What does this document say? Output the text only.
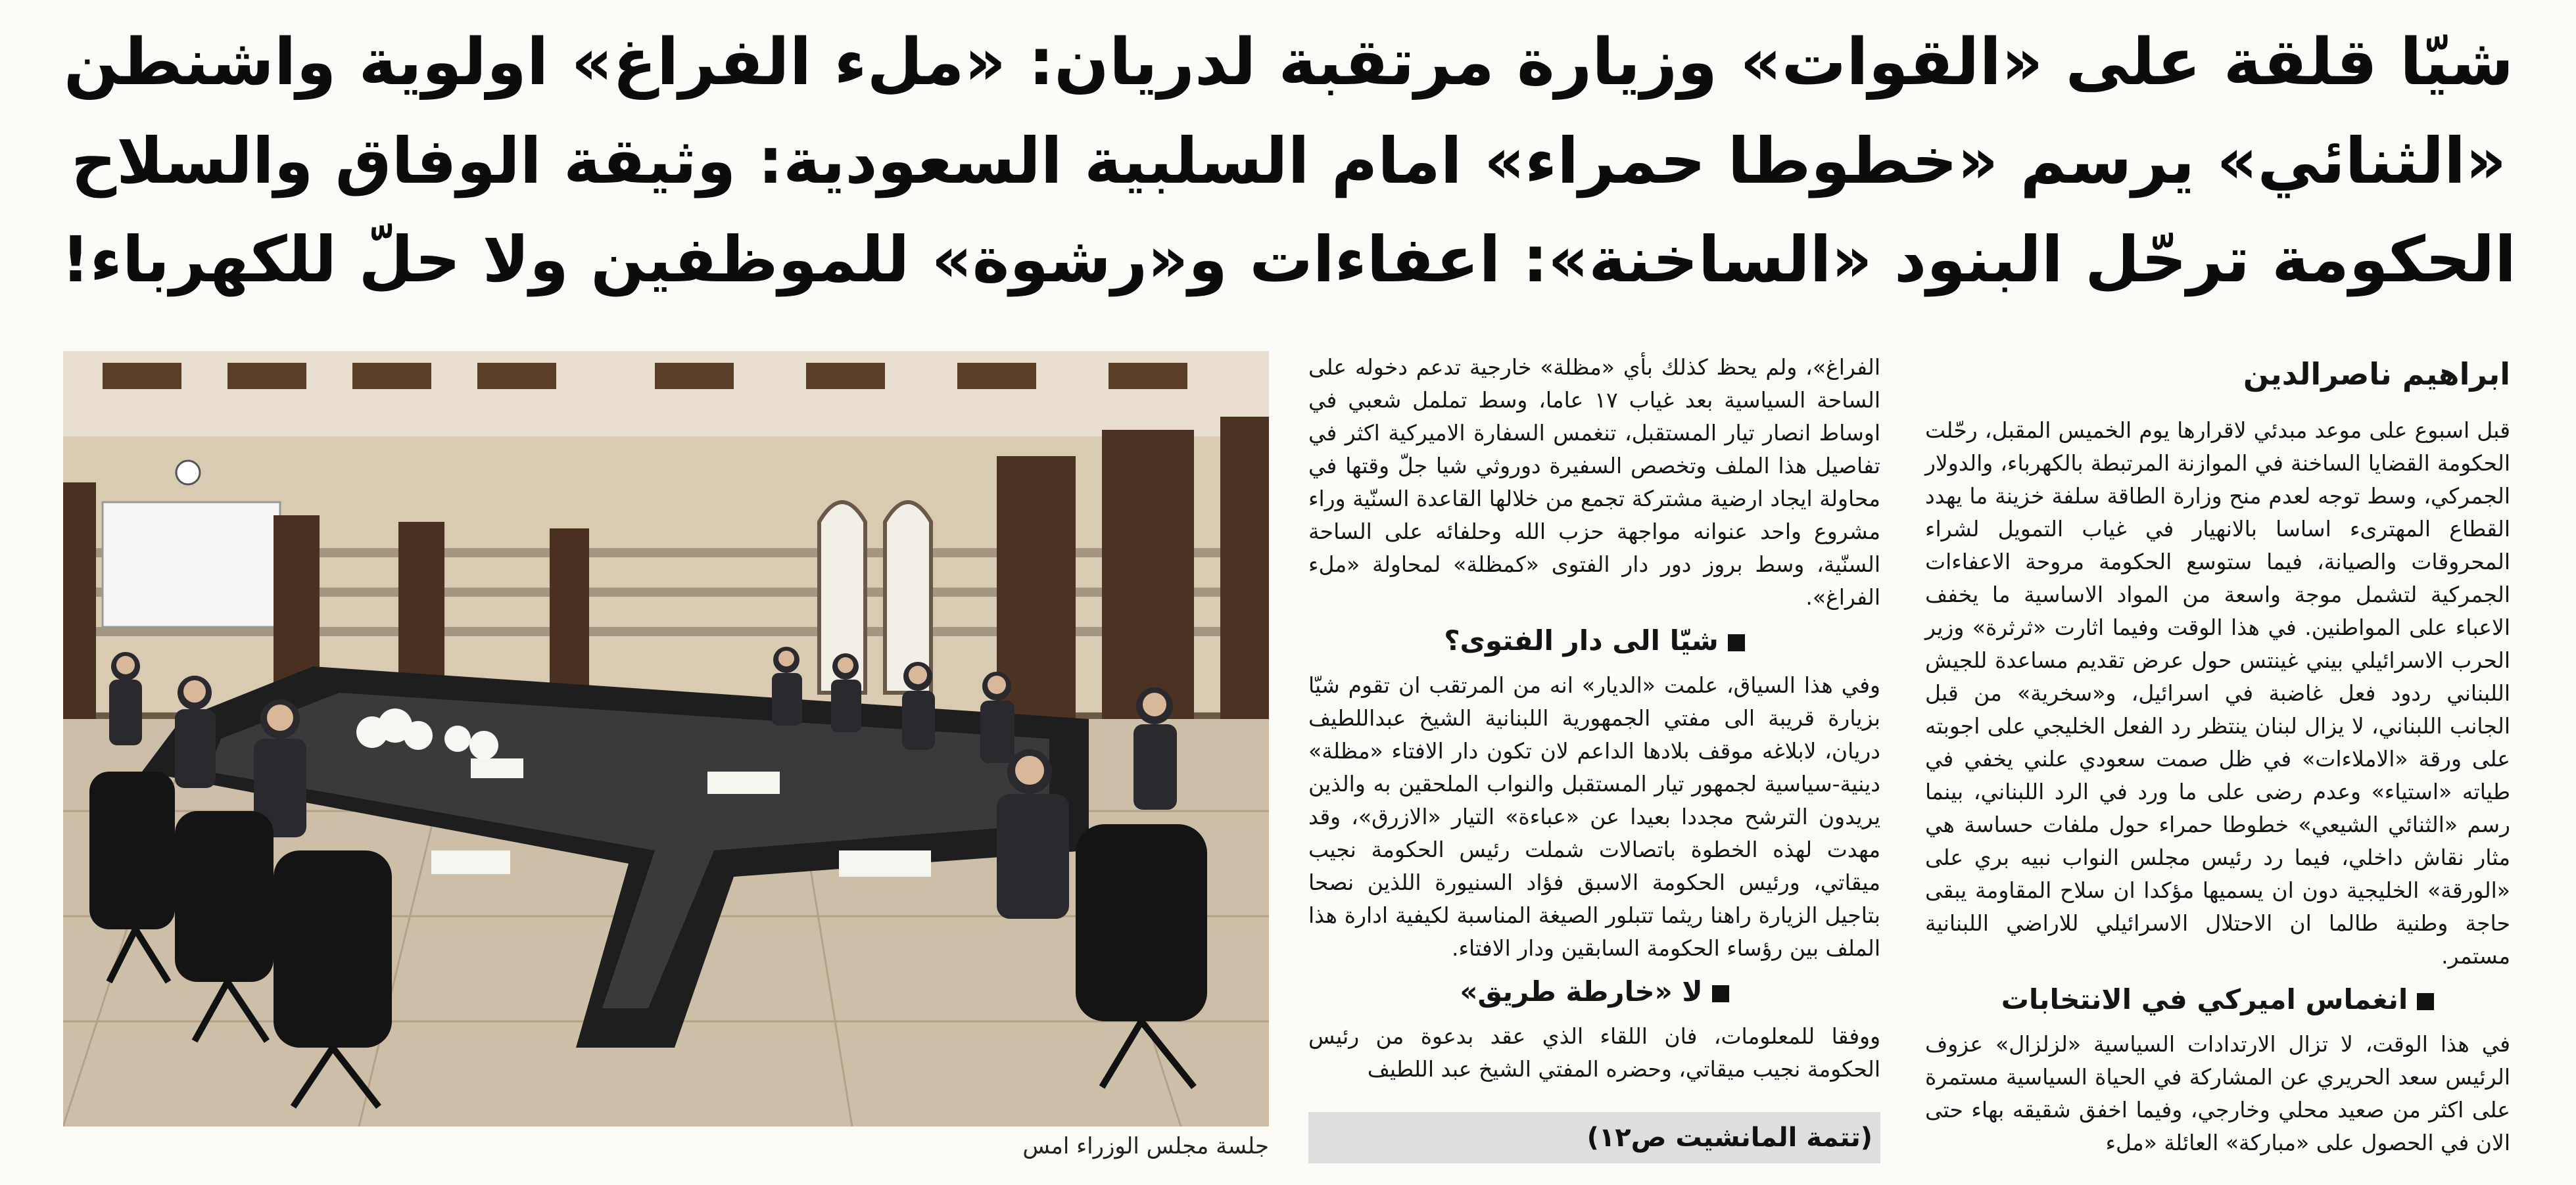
شيّا قلقة على «القوات» وزيارة مرتقبة لدريان: «ملء الفراغ» اولوية واشنطن
«الثنائي» يرسم «خطوطا حمراء» امام السلبية السعودية: وثيقة الوفاق والسلاح
الحكومة ترحّل البنود «الساخنة»: اعفاءات و«رشوة» للموظفين ولا حلّ للكهرباء!
جلسة مجلس الوزراء امس

الفراغ»، ولم يحظ كذلك بأي «مظلة» خارجية تدعم دخوله على الساحة السياسية بعد غياب ١٧ عاما، وسط تململ شعبي في اوساط انصار تيار المستقبل، تنغمس السفارة الاميركية اكثر في تفاصيل هذا الملف وتخصص السفيرة دوروثي شيا جلّ وقتها في محاولة ايجاد ارضية مشتركة تجمع من خلالها القاعدة السنّية وراء مشروع واحد عنوانه مواجهة حزب الله وحلفائه على الساحة السنّية، وسط بروز دور دار الفتوى «كمظلة» لمحاولة «ملء الفراغ».

شيّا الى دار الفتوى؟

وفي هذا السياق، علمت «الديار» انه من المرتقب ان تقوم شيّا بزيارة قريبة الى مفتي الجمهورية اللبنانية الشيخ عبداللطيف دريان، لابلاغه موقف بلادها الداعم لان تكون دار الافتاء «مظلة» دينية-سياسية لجمهور تيار المستقبل والنواب الملحقين به والذين يريدون الترشح مجددا بعيدا عن «عباءة» التيار «الازرق»، وقد مهدت لهذه الخطوة باتصالات شملت رئيس الحكومة نجيب ميقاتي، ورئيس الحكومة الاسبق فؤاد السنيورة اللذين نصحا بتاجيل الزيارة راهنا ريثما تتبلور الصيغة المناسبة لكيفية ادارة هذا الملف بين رؤساء الحكومة السابقين ودار الافتاء.

لا «خارطة طريق»

ووفقا للمعلومات، فان اللقاء الذي عقد بدعوة من رئيس الحكومة نجيب ميقاتي، وحضره المفتي الشيخ عبد اللطيف

(تتمة المانشيت ص١٢)
ابراهيم ناصرالدين

قبل اسبوع على موعد مبدئي لاقرارها يوم الخميس المقبل، رحّلت الحكومة القضايا الساخنة في الموازنة المرتبطة بالكهرباء، والدولار الجمركي، وسط توجه لعدم منح وزارة الطاقة سلفة خزينة ما يهدد القطاع المهترىء اساسا بالانهيار في غياب التمويل لشراء المحروقات والصيانة، فيما ستوسع الحكومة مروحة الاعفاءات الجمركية لتشمل موجة واسعة من المواد الاساسية ما يخفف الاعباء على المواطنين. في هذا الوقت وفيما اثارت «ثرثرة» وزير الحرب الاسرائيلي بيني غينتس حول عرض تقديم مساعدة للجيش اللبناني ردود فعل غاضبة في اسرائيل، و«سخرية» من قبل الجانب اللبناني، لا يزال لبنان ينتظر رد الفعل الخليجي على اجوبته على ورقة «الاملاءات» في ظل صمت سعودي علني يخفي في طياته «استياء» وعدم رضى على ما ورد في الرد اللبناني، بينما رسم «الثنائي الشيعي» خطوطا حمراء حول ملفات حساسة هي مثار نقاش داخلي، فيما رد رئيس مجلس النواب نبيه بري على «الورقة» الخليجية دون ان يسميها مؤكدا ان سلاح المقاومة يبقى حاجة وطنية طالما ان الاحتلال الاسرائيلي للاراضي اللبنانية مستمر.

انغماس اميركي في الانتخابات

في هذا الوقت، لا تزال الارتدادات السياسية «لزلزال» عزوف الرئيس سعد الحريري عن المشاركة في الحياة السياسية مستمرة على اكثر من صعيد محلي وخارجي، وفيما اخفق شقيقه بهاء حتى الان في الحصول على «مباركة» العائلة «ملء
